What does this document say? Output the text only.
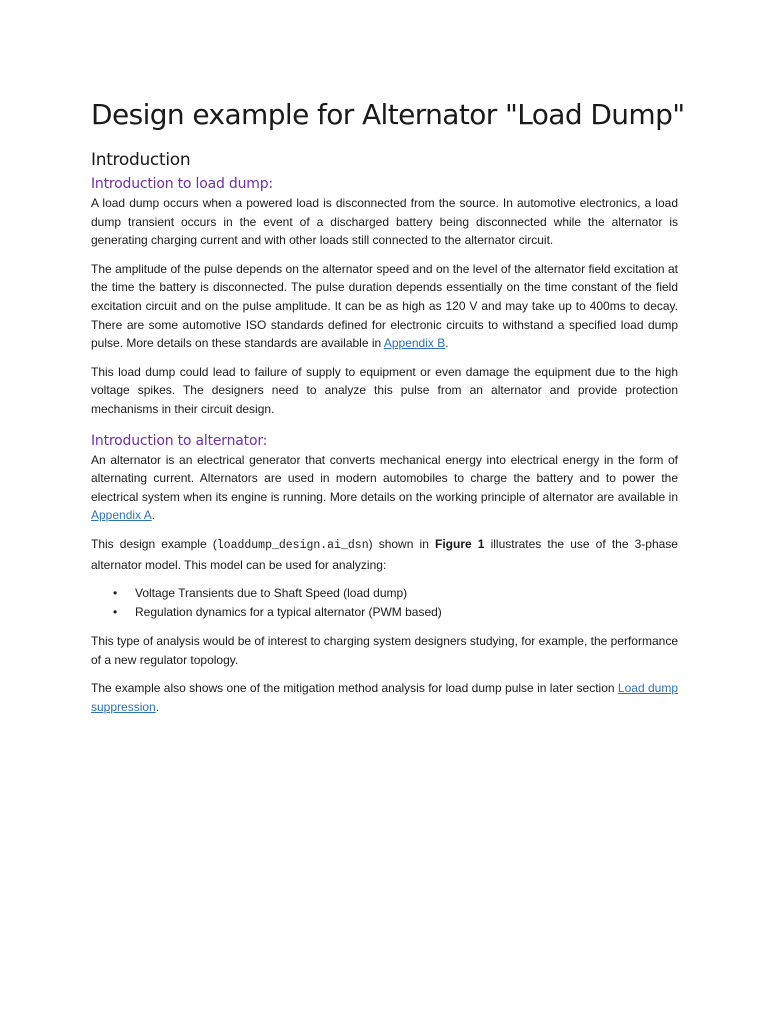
Design example for Alternator "Load Dump"
Introduction
Introduction to load dump:

A load dump occurs when a powered load is disconnected from the source. In automotive electronics, a load dump transient occurs in the event of a discharged battery being disconnected while the alternator is generating charging current and with other loads still connected to the alternator circuit.

The amplitude of the pulse depends on the alternator speed and on the level of the alternator field excitation at the time the battery is disconnected. The pulse duration depends essentially on the time constant of the field excitation circuit and on the pulse amplitude. It can be as high as 120 V and may take up to 400ms to decay. There are some automotive ISO standards defined for electronic circuits to withstand a specified load dump pulse. More details on these standards are available in Appendix B.

This load dump could lead to failure of supply to equipment or even damage the equipment due to the high voltage spikes. The designers need to analyze this pulse from an alternator and provide protection mechanisms in their circuit design.

Introduction to alternator:

An alternator is an electrical generator that converts mechanical energy into electrical energy in the form of alternating current. Alternators are used in modern automobiles to charge the battery and to power the electrical system when its engine is running. More details on the working principle of alternator are available in Appendix A.

This design example (loaddump_design.ai_dsn) shown in Figure 1 illustrates the use of the 3-phase alternator model. This model can be used for analyzing:

• Voltage Transients due to Shaft Speed (load dump)
• Regulation dynamics for a typical alternator (PWM based)

This type of analysis would be of interest to charging system designers studying, for example, the performance of a new regulator topology.

The example also shows one of the mitigation method analysis for load dump pulse in later section Load dump suppression.
